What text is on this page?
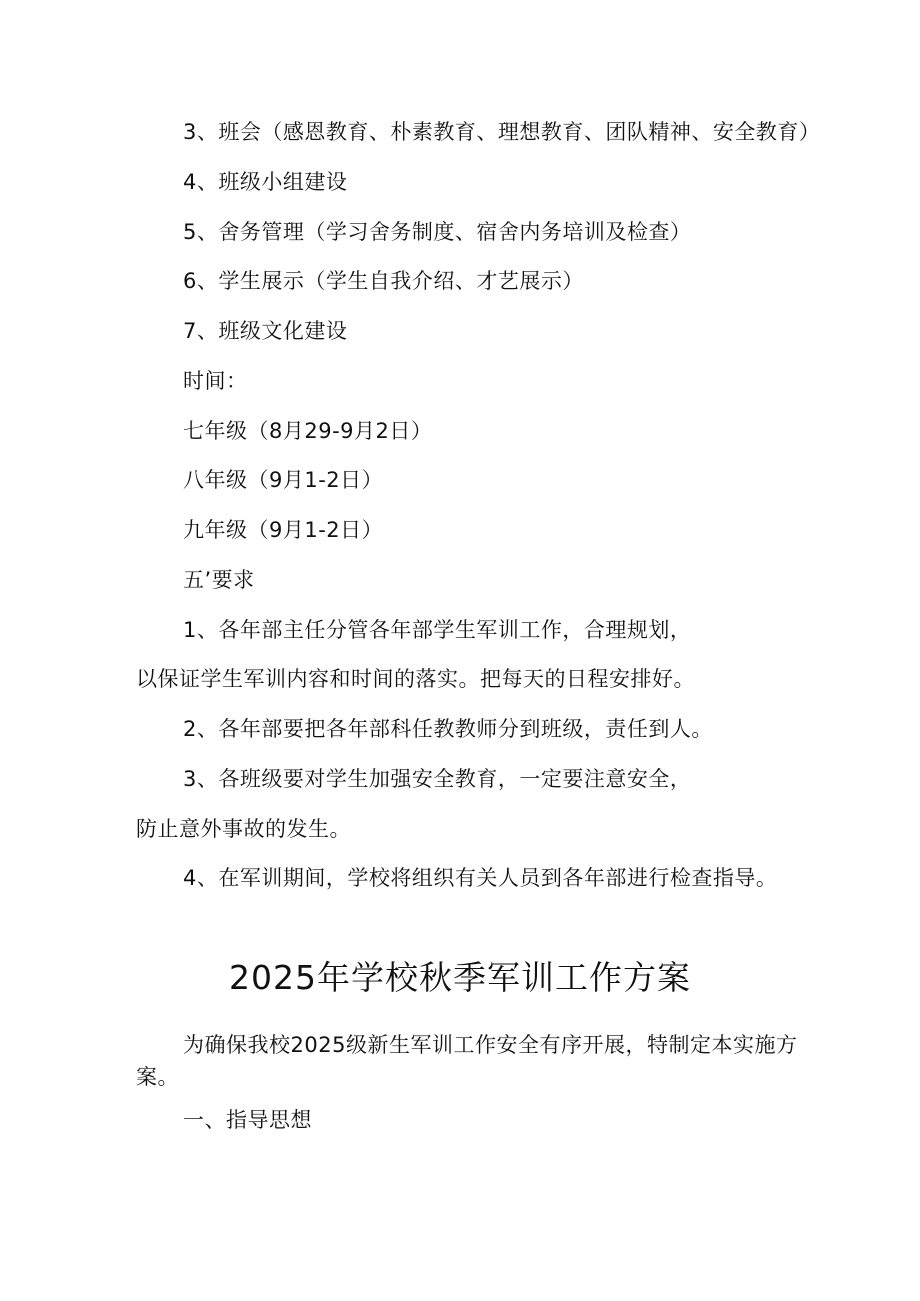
3、班会（感恩教育、朴素教育、理想教育、团队精神、安全教育）
4、班级小组建设
5、舍务管理（学习舍务制度、宿舍内务培训及检查）
6、学生展示（学生自我介绍、才艺展示）
7、班级文化建设
时间：
七年级（8月29-9月2日）
八年级（9月1-2日）
九年级（9月1-2日）
五’要求
1、各年部主任分管各年部学生军训工作，合理规划，
以保证学生军训内容和时间的落实。把每天的日程安排好。
2、各年部要把各年部科任教教师分到班级，责任到人。
3、各班级要对学生加强安全教育，一定要注意安全，
防止意外事故的发生。
4、在军训期间，学校将组织有关人员到各年部进行检查指导。
2025年学校秋季军训工作方案
为确保我校2025级新生军训工作安全有序开展，特制定本实施方
案。
一、指导思想
